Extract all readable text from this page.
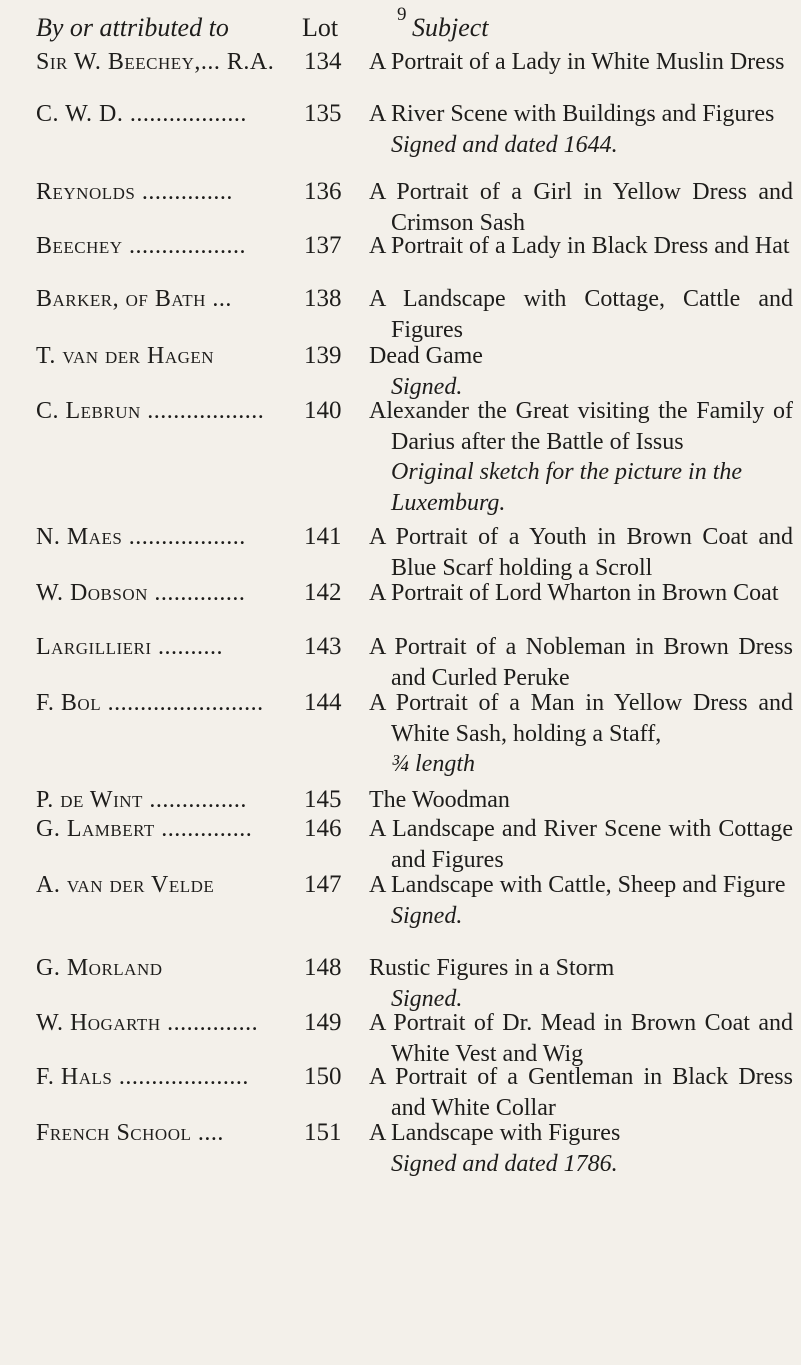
9
By or attributed to	Lot	Subject
Sir W. Beechey,... R.A. 134	A Portrait of a Lady in White Muslin Dress
C. W. D. ..................	135	A River Scene with Buildings and Figures
Signed and dated 1644.
Reynolds ..............	136	A Portrait of a Girl in Yellow Dress and Crimson Sash
Beechey ..................	137	A Portrait of a Lady in Black Dress and Hat
Barker, of Bath ...	138	A Landscape with Cottage, Cattle and Figures
T. van der Hagen	139	Dead Game
Signed.
C. Lebrun ..................	140	Alexander the Great visiting the Family of Darius after the Battle of Issus
Original sketch for the picture in the Luxemburg.
N. Maes ..................	141	A Portrait of a Youth in Brown Coat and Blue Scarf holding a Scroll
W. Dobson ..............	142	A Portrait of Lord Wharton in Brown Coat
Largillieri ..........	143	A Portrait of a Nobleman in Brown Dress and Curled Peruke
F. Bol ........................	144	A Portrait of a Man in Yellow Dress and White Sash, holding a Staff,
¾ length
P. de Wint ...............	145	The Woodman
G. Lambert ..............	146	A Landscape and River Scene with Cottage and Figures
A. van der Velde	147	A Landscape with Cattle, Sheep and Figure
Signed.
G. Morland	148	Rustic Figures in a Storm
Signed.
W. Hogarth ..............	149	A Portrait of Dr. Mead in Brown Coat and White Vest and Wig
F. Hals ....................	150	A Portrait of a Gentleman in Black Dress and White Collar
French School ....	151	A Landscape with Figures
Signed and dated 1786.
